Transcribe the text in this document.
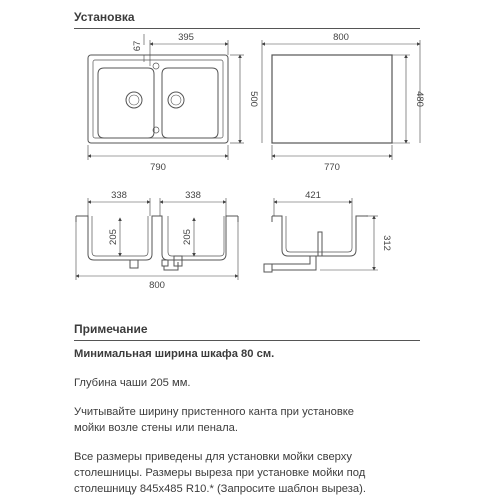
Установка
395
67
500
790
800
480
770
338	338
205	205
800
421
312
Примечание
Минимальная ширина шкафа 80 см.
Глубина чаши 205 мм.
Учитывайте ширину пристенного канта при установке
мойки возле стены или пенала.
Все размеры приведены для установки мойки сверху
столешницы. Размеры выреза при установке мойки под
столешницу 845х485 R10.* (Запросите шаблон выреза).
